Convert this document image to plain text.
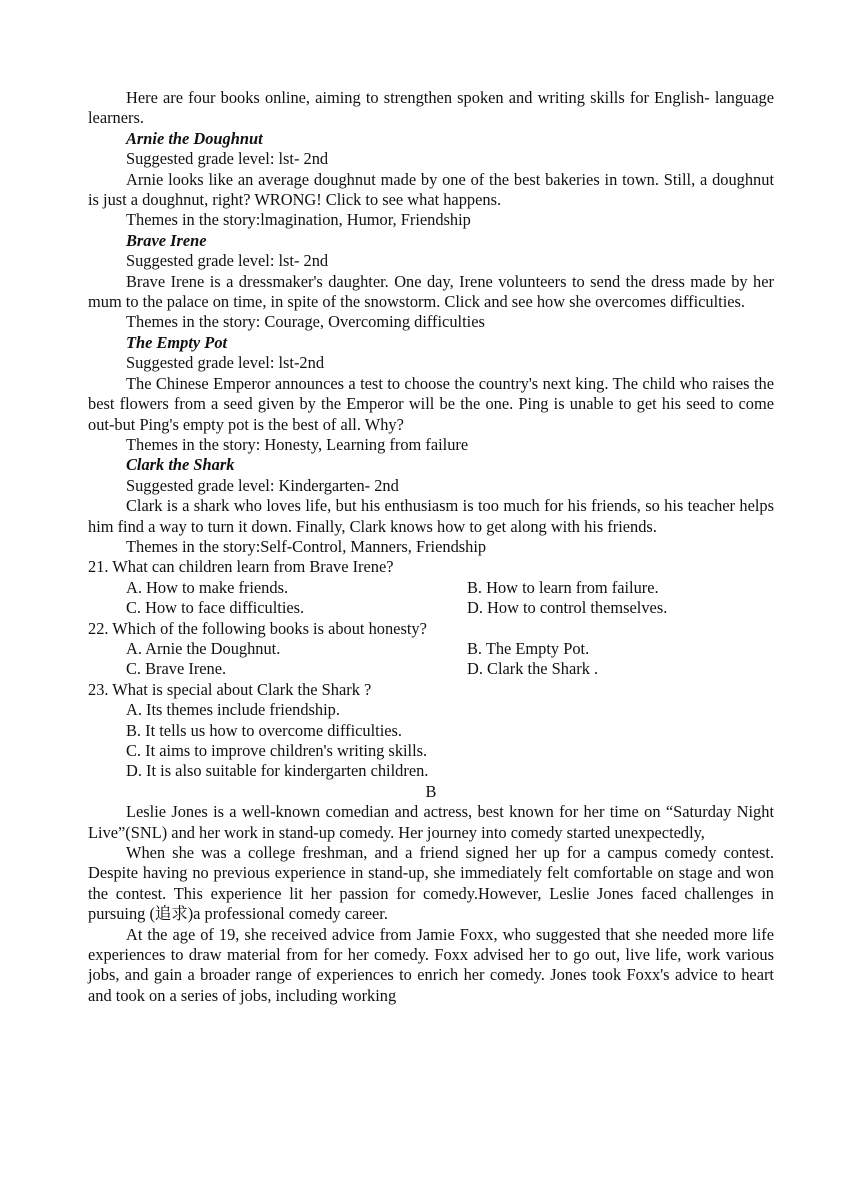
Here are four books online, aiming to strengthen spoken and writing skills for English- language learners.

Arnie the Doughnut

Suggested grade level: lst- 2nd

Arnie looks like an average doughnut made by one of the best bakeries in town. Still, a doughnut is just a doughnut, right? WRONG! Click to see what happens.

Themes in the story:lmagination, Humor, Friendship

Brave Irene

Suggested grade level: lst- 2nd

Brave Irene is a dressmaker's daughter. One day, Irene volunteers to send the dress made by her mum to the palace on time, in spite of the snowstorm. Click and see how she overcomes difficulties.

Themes in the story: Courage, Overcoming difficulties

The Empty Pot

Suggested grade level: lst-2nd

The Chinese Emperor announces a test to choose the country's next king. The child who raises the best flowers from a seed given by the Emperor will be the one. Ping is unable to get his seed to come out-but Ping's empty pot is the best of all. Why?

Themes in the story: Honesty, Learning from failure

Clark the Shark

Suggested grade level: Kindergarten- 2nd

Clark is a shark who loves life, but his enthusiasm is too much for his friends, so his teacher helps him find a way to turn it down. Finally, Clark knows how to get along with his friends.

Themes in the story:Self-Control, Manners, Friendship

21. What can children learn from Brave Irene?

A. How to make friends.	B. How to learn from failure.
C. How to face difficulties.	D. How to control themselves.

22. Which of the following books is about honesty?

A. Arnie the Doughnut.	B. The Empty Pot.
C. Brave Irene.	D. Clark the Shark .

23. What is special about Clark the Shark ?

A. Its themes include friendship.

B. It tells us how to overcome difficulties.

C. It aims to improve children's writing skills.

D. It is also suitable for kindergarten children.

B

Leslie Jones is a well-known comedian and actress, best known for her time on “Saturday Night Live”(SNL) and her work in stand-up comedy. Her journey into comedy started unexpectedly,

When she was a college freshman, and a friend signed her up for a campus comedy contest. Despite having no previous experience in stand-up, she immediately felt comfortable on stage and won the contest. This experience lit her passion for comedy.However, Leslie Jones faced challenges in pursuing (追求)a professional comedy career.

At the age of 19, she received advice from Jamie Foxx, who suggested that she needed more life experiences to draw material from for her comedy. Foxx advised her to go out, live life, work various jobs, and gain a broader range of experiences to enrich her comedy. Jones took Foxx's advice to heart and took on a series of jobs, including working
